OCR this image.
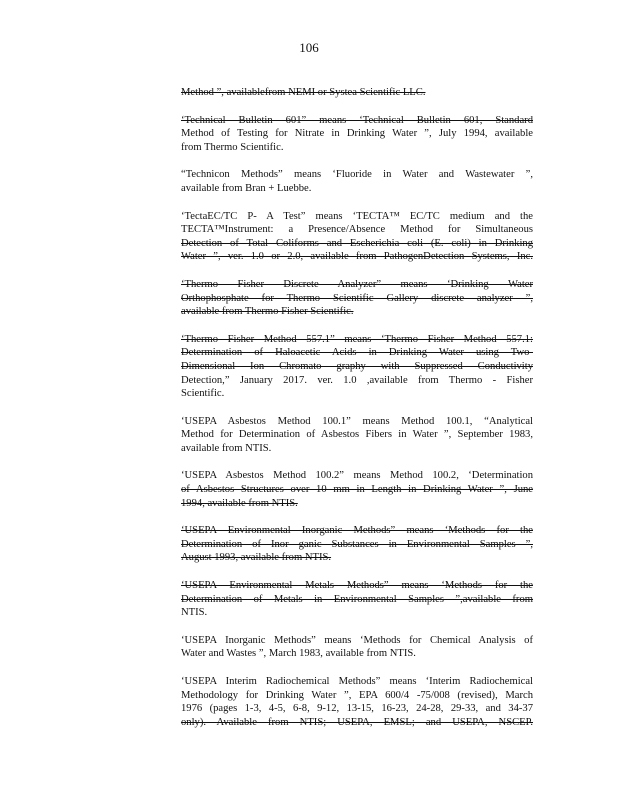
106
Method ”, availablefrom NEMI or Systea Scientific LLC.
‘Technical Bulletin 601” means ‘Technical Bulletin 601, Standard
Method of Testing for Nitrate in Drinking Water ”, July 1994, available
from Thermo Scientific.
“Technicon Methods” means ‘Fluoride in Water and Wastewater ”,
available from Bran + Luebbe.
‘TectaEC/TC P- A Test” means ‘TECTA™ EC/TC medium and the
TECTA™Instrument: a Presence/Absence Method for Simultaneous
Detection of Total Coliforms and Escherichia coli (E. coli) in Drinking
Water ”, ver. 1.0 or 2.0, available from PathogenDetection Systems, Inc.
‘Thermo Fisher Discrete Analyzer” means ‘Drinking Water
Orthophosphate for Thermo Scientific Gallery discrete analyzer ”,
available from Thermo Fisher Scientific.
‘Thermo Fisher Method 557.1” means ‘Thermo Fisher Method 557.1:
Determination of Haloacetic Acids in Drinking Water using Two-
Dimensional Ion Chromato graphy with Suppressed Conductivity
Detection,” January 2017. ver. 1.0 ,available from Thermo - Fisher
Scientific.
‘USEPA Asbestos Method 100.1” means Method 100.1, “Analytical
Method for Determination of Asbestos Fibers in Water ”, September 1983,
available from NTIS.
‘USEPA Asbestos Method 100.2” means Method 100.2, ‘Determination
of Asbestos Structures over 10 mm in Length in Drinking Water ”, June
1994, available from NTIS.
‘USEPA Environmental Inorganic Methods” means ‘Methods for the
Determination of Inor ganic Substances in Environmental Samples ”,
August 1993, available from NTIS.
‘USEPA Environmental Metals Methods” means ‘Methods for the
Determination of Metals in Environmental Samples ”,available from
NTIS.
‘USEPA Inorganic Methods” means ‘Methods for Chemical Analysis of
Water and Wastes ”, March 1983, available from NTIS.
‘USEPA Interim Radiochemical Methods” means ‘Interim Radiochemical
Methodology for Drinking Water ”, EPA 600/4 -75/008 (revised), March
1976 (pages 1-3, 4-5, 6-8, 9-12, 13-15, 16-23, 24-28, 29-33, and 34-37
only). Available from NTIS; USEPA, EMSL; and USEPA, NSCEP.
